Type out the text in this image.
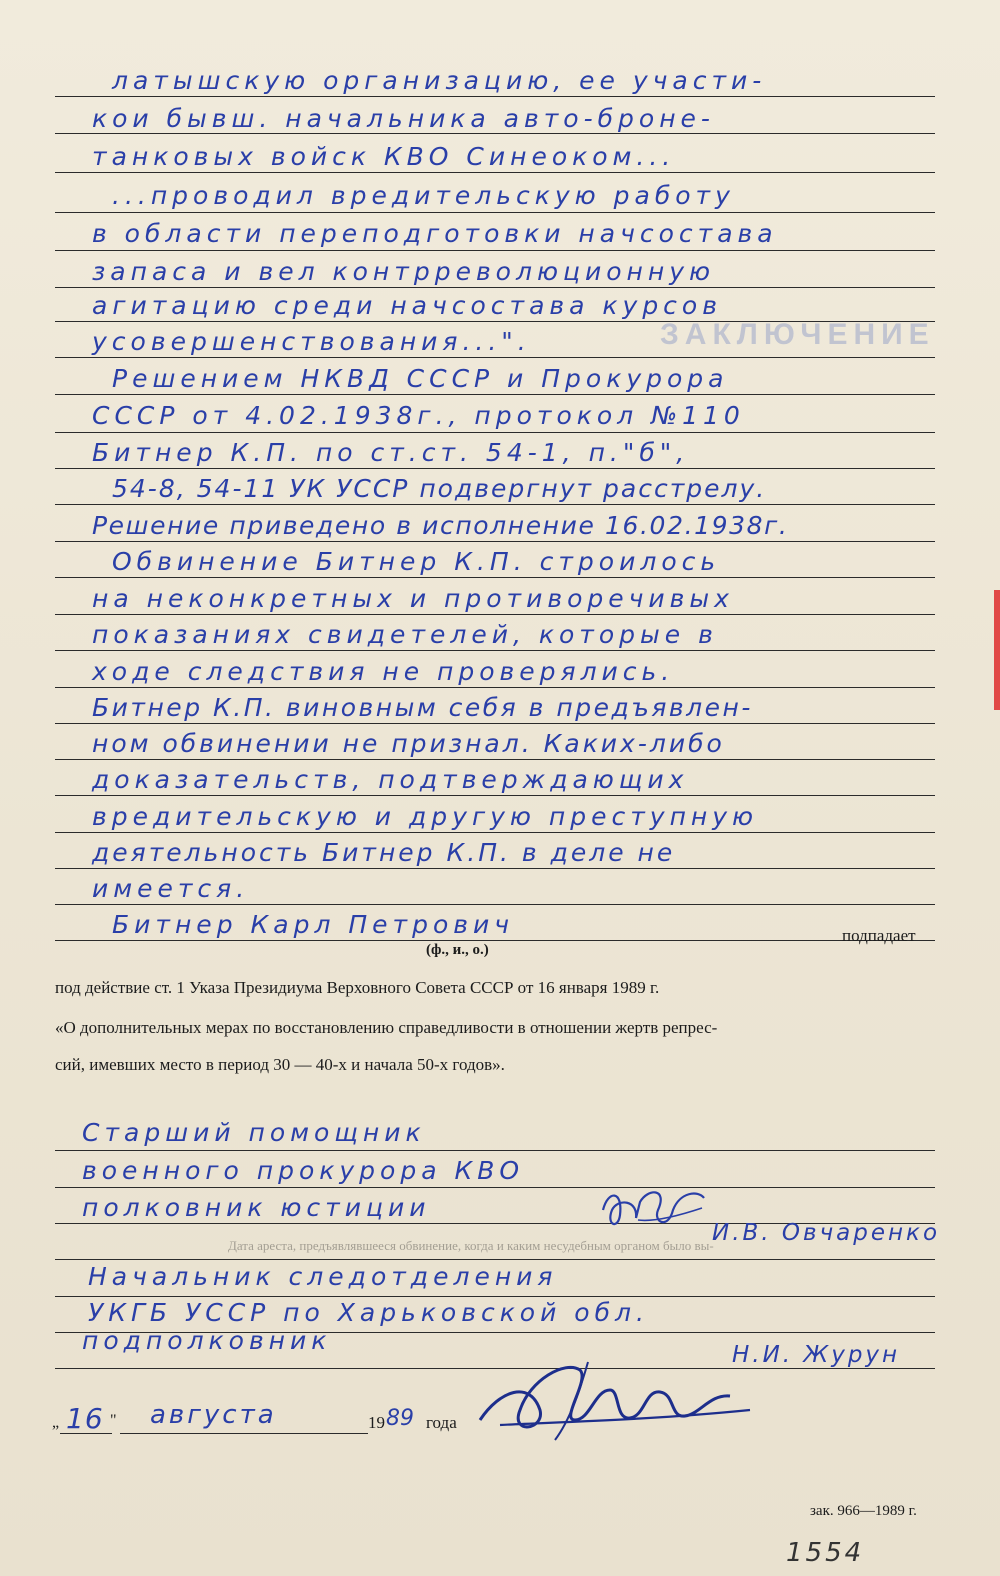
ЗАКЛЮЧЕНИЕ
латышскую организацию, ее участи-
кои бывш. начальника авто-броне-
танковых войск КВО Синеоком...
...проводил вредительскую работу
в области переподготовки начсостава
запаса и вел контрреволюционную
агитацию среди начсостава курсов
усовершенствования...".
Решением НКВД СССР и Прокурора
СССР от 4.02.1938г., протокол №110
Битнер К.П. по ст.ст. 54-1, п."б",
54-8, 54-11 УК УССР подвергнут расстрелу.
Решение приведено в исполнение 16.02.1938г.
Обвинение Битнер К.П. строилось
на неконкретных и противоречивых
показаниях свидетелей, которые в
ходе следствия не проверялись.
Битнер К.П. виновным себя в предъявлен-
ном обвинении не признал. Каких-либо
доказательств, подтверждающих
вредительскую и другую преступную
деятельность Битнер К.П. в деле не
имеется.
Битнер Карл Петрович	подпадает
(ф., и., о.)
под действие ст. 1 Указа Президиума Верховного Совета СССР от 16 января 1989 г.
«О дополнительных мерах по восстановлению справедливости в отношении жертв репрес-
сий, имевших место в период 30 — 40-х и начала 50-х годов».
Старший помощник
военного прокурора КВО
полковник юстиции
И.В. Овчаренко
Дата ареста, предъявлявшееся обвинение, когда и каким несудебным органом было вы-
Начальник следотделения
УКГБ УССР по Харьковской обл.
подполковник	Н.И. Журун
„ 16 " августа	19 89 года
зак. 966—1989 г.
1554
